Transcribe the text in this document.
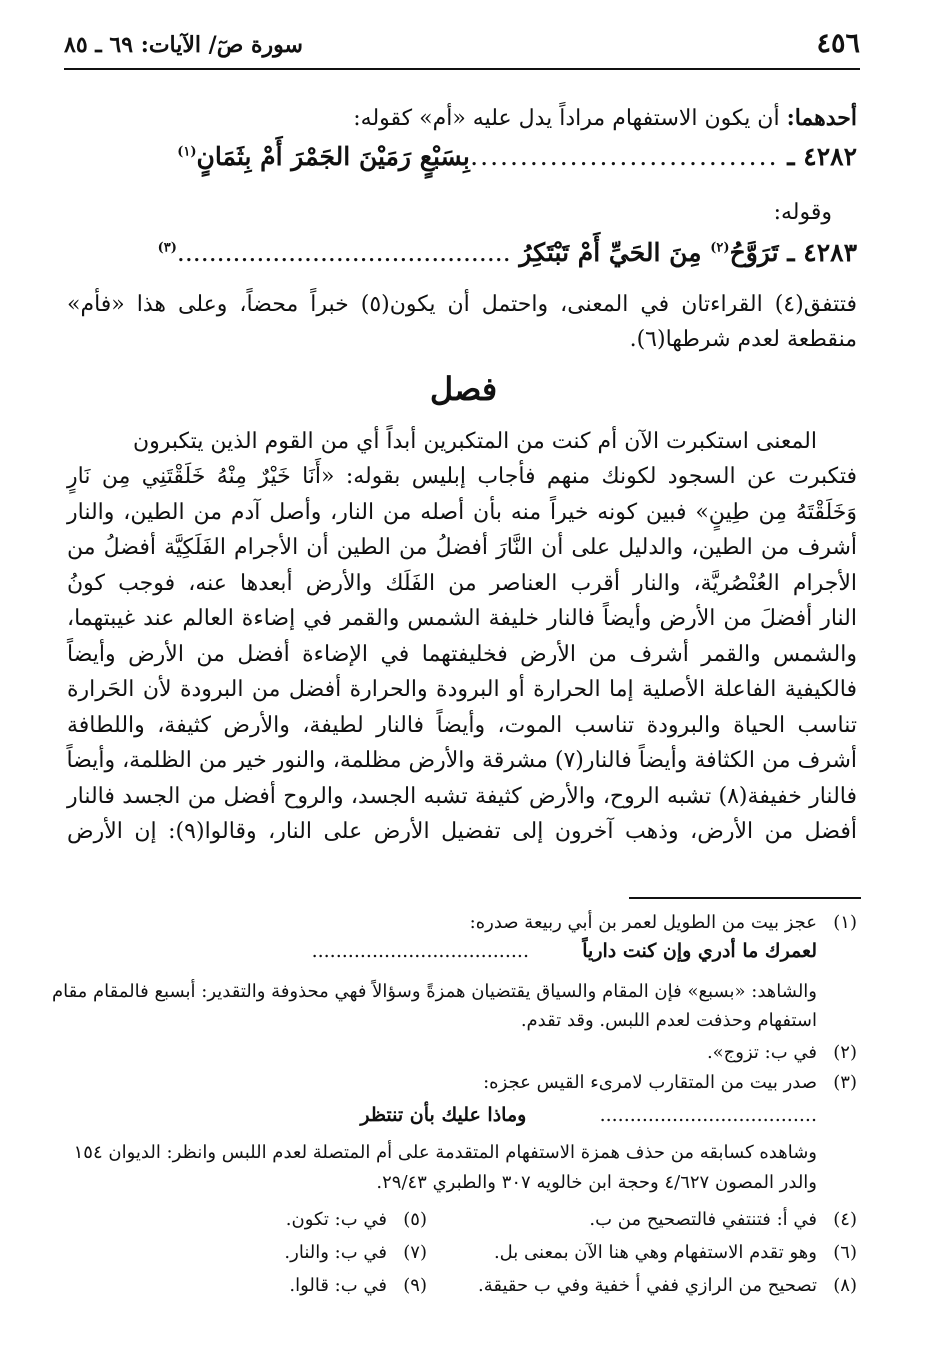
٤٥٦
سورة صٓ/ الآيات: ٦٩ ـ ٨٥
أحدهما: أن يكون الاستفهام مراداً يدل عليه «أم» كقوله:
٤٢٨٢ ـ ............................... بِسَبْعٍ رَمَيْنَ الجَمْرَ أَمْ بِثَمَانٍ$^{(١)}$
وقوله:
٤٢٨٣ ـ تَرَوَّحُ$^{(٢)}$ مِنَ الحَيِّ أَمْ تَبْتَكِرُ ..........................................$^{(٣)}$
فتتفق(٤) القراءتان في المعنى، واحتمل أن يكون(٥) خبراً محضاً، وعلى هذا «فأم»
منقطعة لعدم شرطها(٦).
فصل
المعنى استكبرت الآن أم كنت من المتكبرين أبداً أي من القوم الذين يتكبرون
فتكبرت عن السجود لكونك منهم فأجاب إبليس بقوله: «أَنَا خَيْرٌ مِنْهُ خَلَقْتَنِي مِن نَارٍ
وَخَلَقْتَهُ مِن طِينٍ» فبين كونه خيراً منه بأن أصله من النار، وأصل آدم من الطين، والنار
أشرف من الطين، والدليل على أن النَّارَ أفضلُ من الطين أن الأجرام الفَلَكِيَّة أفضلُ من
الأجرام العُنْصُريَّة، والنار أقرب العناصر من الفَلَك والأرض أبعدها عنه، فوجب كونُ
النار أفضلَ من الأرض وأيضاً فالنار خليفة الشمس والقمر في إضاءة العالم عند غيبتهما،
والشمس والقمر أشرف من الأرض فخليفتهما في الإضاءة أفضل من الأرض وأيضاً
فالكيفية الفاعلة الأصلية إما الحرارة أو البرودة والحرارة أفضل من البرودة لأن الحَرارة
تناسب الحياة والبرودة تناسب الموت، وأيضاً فالنار لطيفة، والأرض كثيفة، واللطافة
أشرف من الكثافة وأيضاً فالنار(٧) مشرقة والأرض مظلمة، والنور خير من الظلمة، وأيضاً
فالنار خفيفة(٨) تشبه الروح، والأرض كثيفة تشبه الجسد، والروح أفضل من الجسد فالنار
أفضل من الأرض، وذهب آخرون إلى تفضيل الأرض على النار، وقالوا(٩): إن الأرض
(١)
عجز بيت من الطويل لعمر بن أبي ربيعة صدره:
لعمرك ما أدري وإن كنت دارياً  ....................................
والشاهد: «بسبع» فإن المقام والسياق يقتضيان همزةً وسؤالاً فهي محذوفة والتقدير: أبسبع فالمقام مقام
استفهام وحذفت لعدم اللبس. وقد تقدم.
(٢)
في ب: تزوج».
(٣)
صدر بيت من المتقارب لامرىء القيس عجزه:
....................................  وماذا عليك بأن تنتظر
وشاهده كسابقه من حذف همزة الاستفهام المتقدمة على أم المتصلة لعدم اللبس وانظر: الديوان ١٥٤
والدر المصون ٤/٦٢٧ وحجة ابن خالويه ٣٠٧ والطبري ٢٩/٤٣.
(٤)
في أ: فتنتفي فالتصحيح من ب.
(٥)
في ب: تكون.
(٦)
وهو تقدم الاستفهام وهي هنا الآن بمعنى بل.
(٧)
في ب: والنار.
(٨)
تصحيح من الرازي ففي أ خفية وفي ب حقيقة.
(٩)
في ب: قالوا.
